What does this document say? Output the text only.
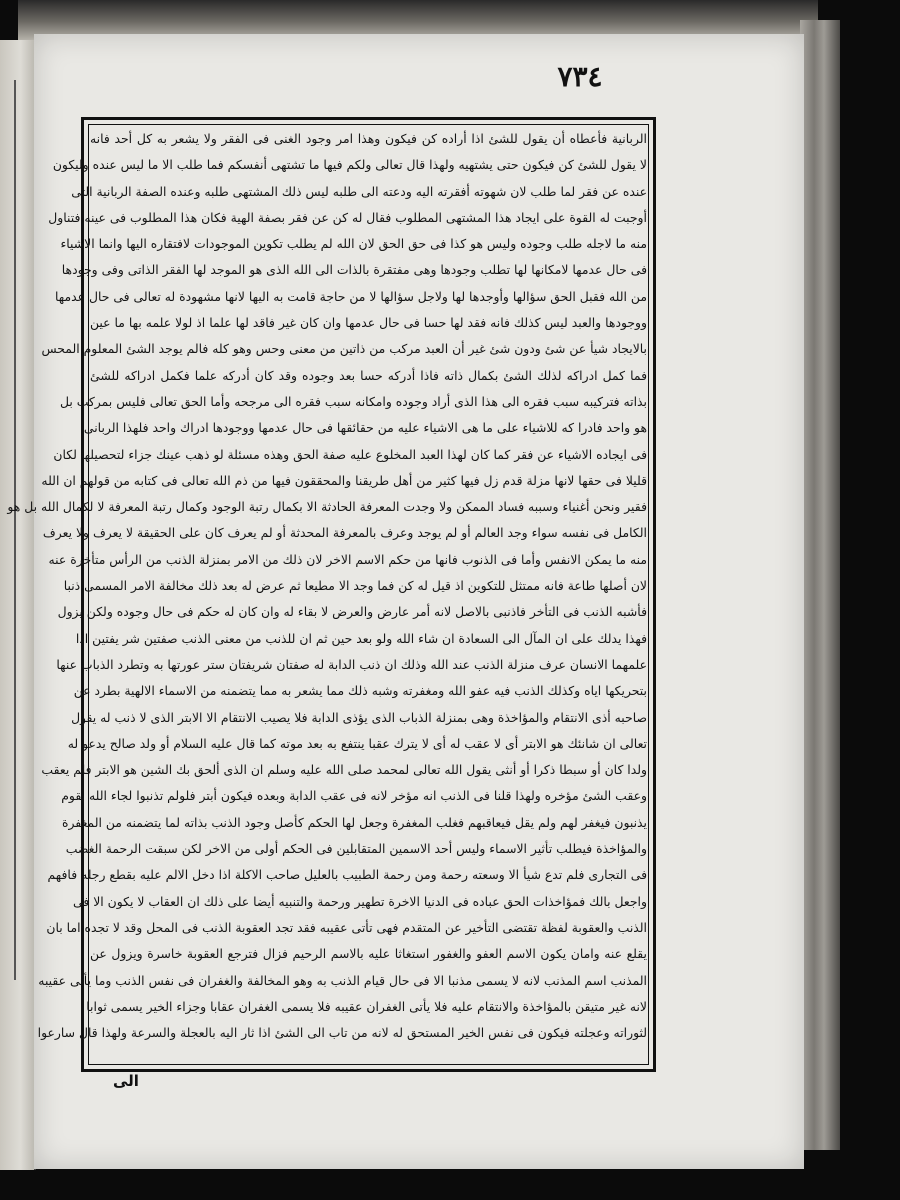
٧٣٤
الربانية فأعطاه أن يقول للشئ اذا أراده كن فيكون وهذا امر وجود الغنى فى الفقر ولا يشعر به كل أحد فانه
لا يقول للشئ كن فيكون حتى يشتهيه ولهذا قال تعالى ولكم فيها ما تشتهى أنفسكم فما طلب الا ما ليس عنده وليكون
عنده عن فقر لما طلب لان شهوته أفقرته اليه ودعته الى طلبه ليس ذلك المشتهى طلبه وعنده الصفة الربانية التى
أوجبت له القوة على ايجاد هذا المشتهى المطلوب فقال له كن عن فقر بصفة الهية فكان هذا المطلوب فى عينه فتناول
منه ما لاجله طلب وجوده وليس هو كذا فى حق الحق لان الله لم يطلب تكوين الموجودات لافتقاره اليها وانما الاشياء
فى حال عدمها لامكانها لها تطلب وجودها وهى مفتقرة بالذات الى الله الذى هو الموجد لها الفقر الذاتى وفى وجودها
من الله فقبل الحق سؤالها وأوجدها لها ولاجل سؤالها لا من حاجة قامت به اليها لانها مشهودة له تعالى فى حال عدمها
ووجودها والعبد ليس كذلك فانه فقد لها حسا فى حال عدمها وان كان غير فاقد لها علما اذ لولا علمه بها ما عين
بالايجاد شيأ عن شئ ودون شئ غير أن العبد مركب من ذاتين من معنى وحس وهو كله فالم يوجد الشئ المعلوم المحس
فما كمل ادراكه لذلك الشئ بكمال ذاته فاذا أدركه حسا بعد وجوده وقد كان أدركه علما فكمل ادراكه للشئ
بذاته فتركيبه سبب فقره الى هذا الذى أراد وجوده وامكانه سبب فقره الى مرجحه وأما الحق تعالى فليس بمركب بل
هو واحد فادرا كه للاشياء على ما هى الاشياء عليه من حقائقها فى حال عدمها ووجودها ادراك واحد فلهذا الربانى
فى ايجاده الاشياء عن فقر كما كان لهذا العبد المخلوع عليه صفة الحق وهذه مسئلة لو ذهب عينك جزاء لتحصيلها لكان
قليلا فى حقها لانها مزلة قدم زل فيها كثير من أهل طريقنا والمحققون فيها من ذم الله تعالى فى كتابه من قولهم ان الله
فقير ونحن أغنياء وسببه فساد الممكن ولا وجدت المعرفة الحادثة الا بكمال رتبة الوجود وكمال رتبة المعرفة لا لكمال الله بل هو
الكامل فى نفسه سواء وجد العالم أو لم يوجد وعرف بالمعرفة المحدثة أو لم يعرف كان على الحقيقة لا يعرف ولا يعرف
منه ما يمكن الانفس وأما فى الذنوب فانها من حكم الاسم الاخر لان ذلك من الامر بمنزلة الذنب من الرأس متأخرة عنه
لان أصلها طاعة فانه ممتثل للتكوين اذ قيل له كن فما وجد الا مطيعا ثم عرض له بعد ذلك مخالفة الامر المسمى ذنبا
فأشبه الذنب فى التأخر فاذنبى بالاصل لانه أمر عارض والعرض لا بقاء له وان كان له حكم فى حال وجوده ولكن يزول
فهذا يدلك على ان المآل الى السعادة ان شاء الله ولو بعد حين ثم ان للذنب من معنى الذنب صفتين شر يفتين اذا
علمهما الانسان عرف منزلة الذنب عند الله وذلك ان ذنب الدابة له صفتان شريفتان ستر عورتها به وتطرد الذباب عنها
بتحريكها اياه وكذلك الذنب فيه عفو الله ومغفرته وشبه ذلك مما يشعر به مما يتضمنه من الاسماء الالهية بطرد عن
صاحبه أذى الانتقام والمؤاخذة وهى بمنزلة الذباب الذى يؤذى الدابة فلا يصيب الانتقام الا الابتر الذى لا ذنب له يقول
تعالى ان شانئك هو الابتر أى لا عقب له أى لا يترك عقبا ينتفع به بعد موته كما قال عليه السلام أو ولد صالح يدعو له
ولدا كان أو سبطا ذكرا أو أنثى يقول الله تعالى لمحمد صلى الله عليه وسلم ان الذى ألحق بك الشين هو الابتر فلم يعقب
وعقب الشئ مؤخره ولهذا قلنا فى الذنب انه مؤخر لانه فى عقب الدابة وبعده فيكون أبتر فلولم تذنبوا لجاء الله بقوم
يذنبون فيغفر لهم ولم يقل فيعاقبهم فغلب المغفرة وجعل لها الحكم كأصل وجود الذنب بذاته لما يتضمنه من المغفرة
والمؤاخذة فيطلب تأثير الاسماء وليس أحد الاسمين المتقابلين فى الحكم أولى من الاخر لكن سبقت الرحمة الغضب
فى التجارى فلم تدع شيأ الا وسعته رحمة ومن رحمة الطبيب بالعليل صاحب الاكلة اذا دخل الالم عليه بقطع رجله فافهم
واجعل بالك فمؤاخذات الحق عباده فى الدنيا الاخرة تطهير ورحمة والتنبيه أيضا على ذلك ان العقاب لا يكون الا فى
الذنب والعقوبة لفظة تقتضى التأخير عن المتقدم فهى تأتى عقيبه فقد تجد العقوبة الذنب فى المحل وقد لا تجده اما بان
يقلع عنه وامان يكون الاسم العفو والغفور استغاثا عليه بالاسم الرحيم فزال فترجع العقوبة خاسرة ويزول عن
المذنب اسم المذنب لانه لا يسمى مذنبا الا فى حال قيام الذنب به وهو المخالفة والغفران فى نفس الذنب وما يأتى عقيبه
لانه غير متيقن بالمؤاخذة والانتقام عليه فلا يأتى الغفران عقيبه فلا يسمى الغفران عقابا وجزاء الخير يسمى ثوابا
لثوراته وعجلته فيكون فى نفس الخير المستحق له لانه من تاب الى الشئ اذا ثار اليه بالعجلة والسرعة ولهذا قال سارعوا
الى
